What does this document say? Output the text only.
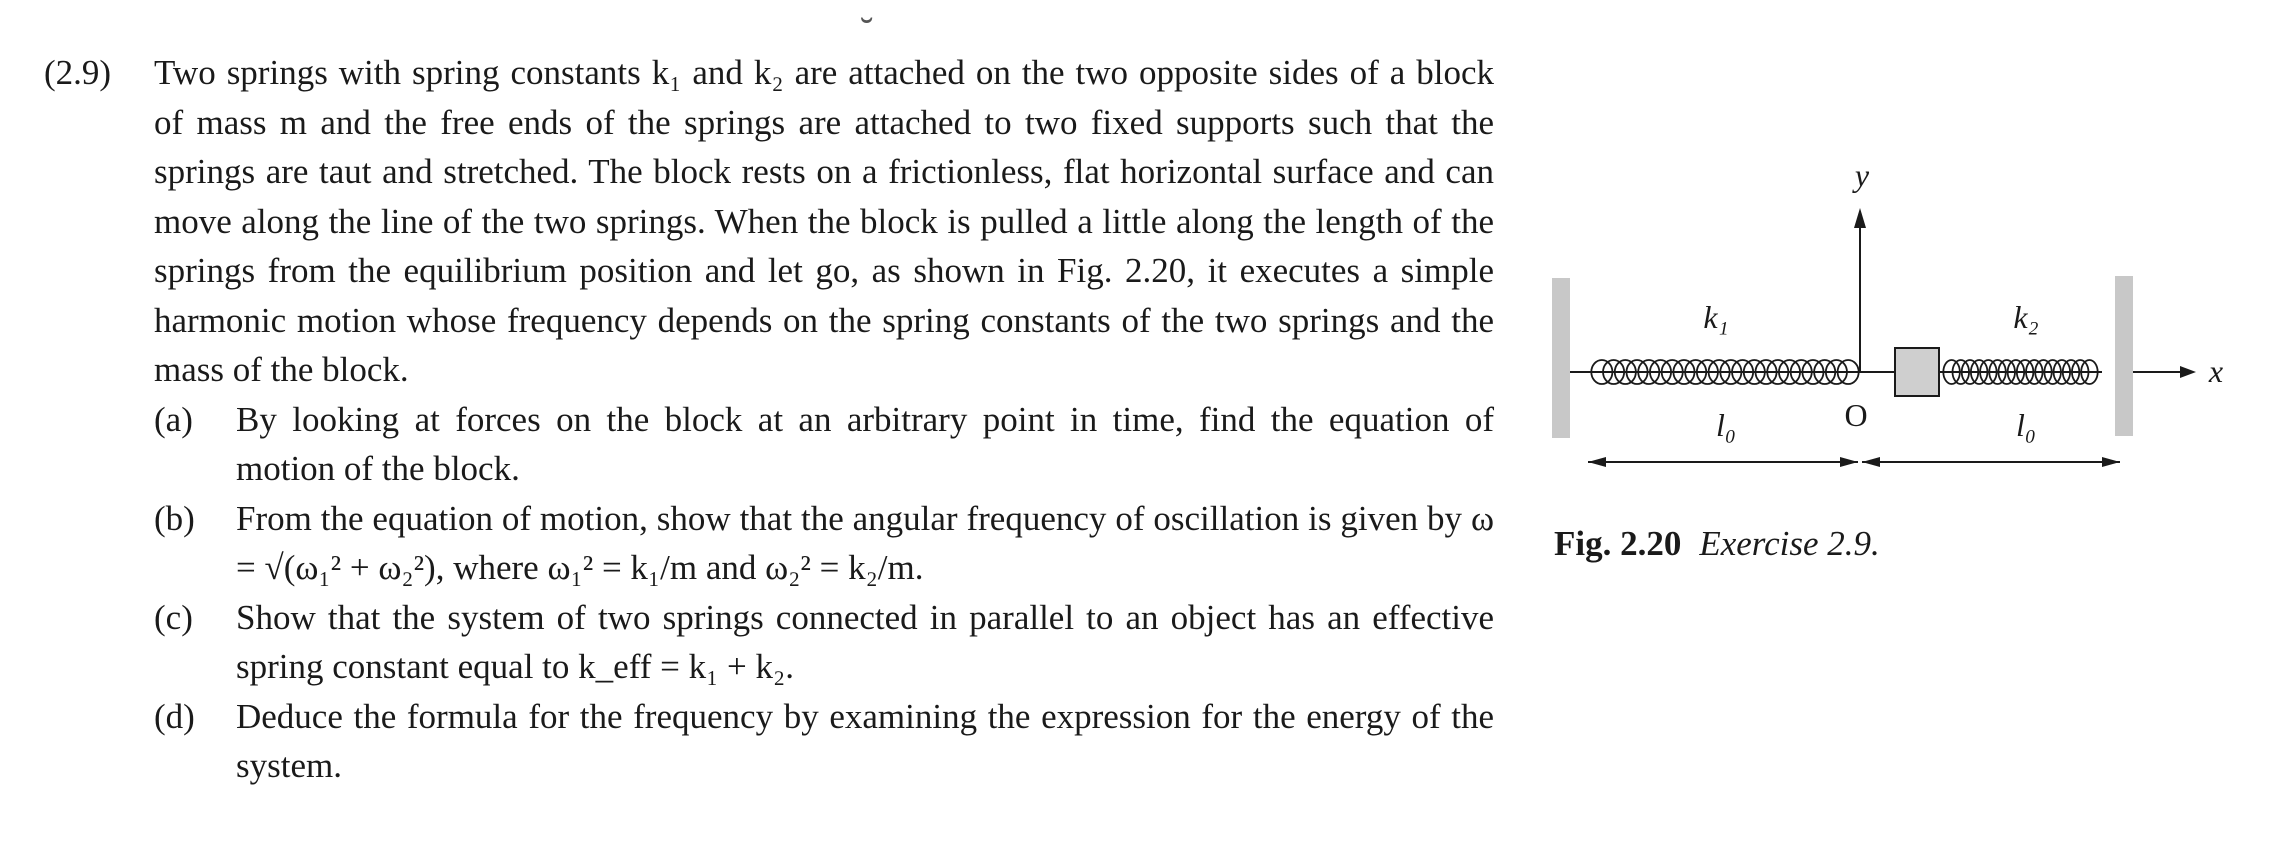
˘
(2.9) Two springs with spring constants k₁ and k₂ are attached on the two opposite sides of a block of mass m and the free ends of the springs are attached to two fixed supports such that the springs are taut and stretched. The block rests on a frictionless, flat horizontal surface and can move along the line of the two springs. When the block is pulled a little along the length of the springs from the equilibrium position and let go, as shown in Fig. 2.20, it executes a simple harmonic motion whose frequency depends on the spring constants of the two springs and the mass of the block.

(a) By looking at forces on the block at an arbitrary point in time, find the equation of motion of the block.
(b) From the equation of motion, show that the angular frequency of oscillation is given by ω = √(ω₁² + ω₂²), where ω₁² = k₁/m and ω₂² = k₂/m.
(c) Show that the system of two springs connected in parallel to an object has an effective spring constant equal to k_eff = k₁ + k₂.
(d) Deduce the formula for the frequency by examining the expression for the energy of the system.
y
x
O
k₁	k₂
l₀	l₀
Fig. 2.20 Exercise 2.9.
